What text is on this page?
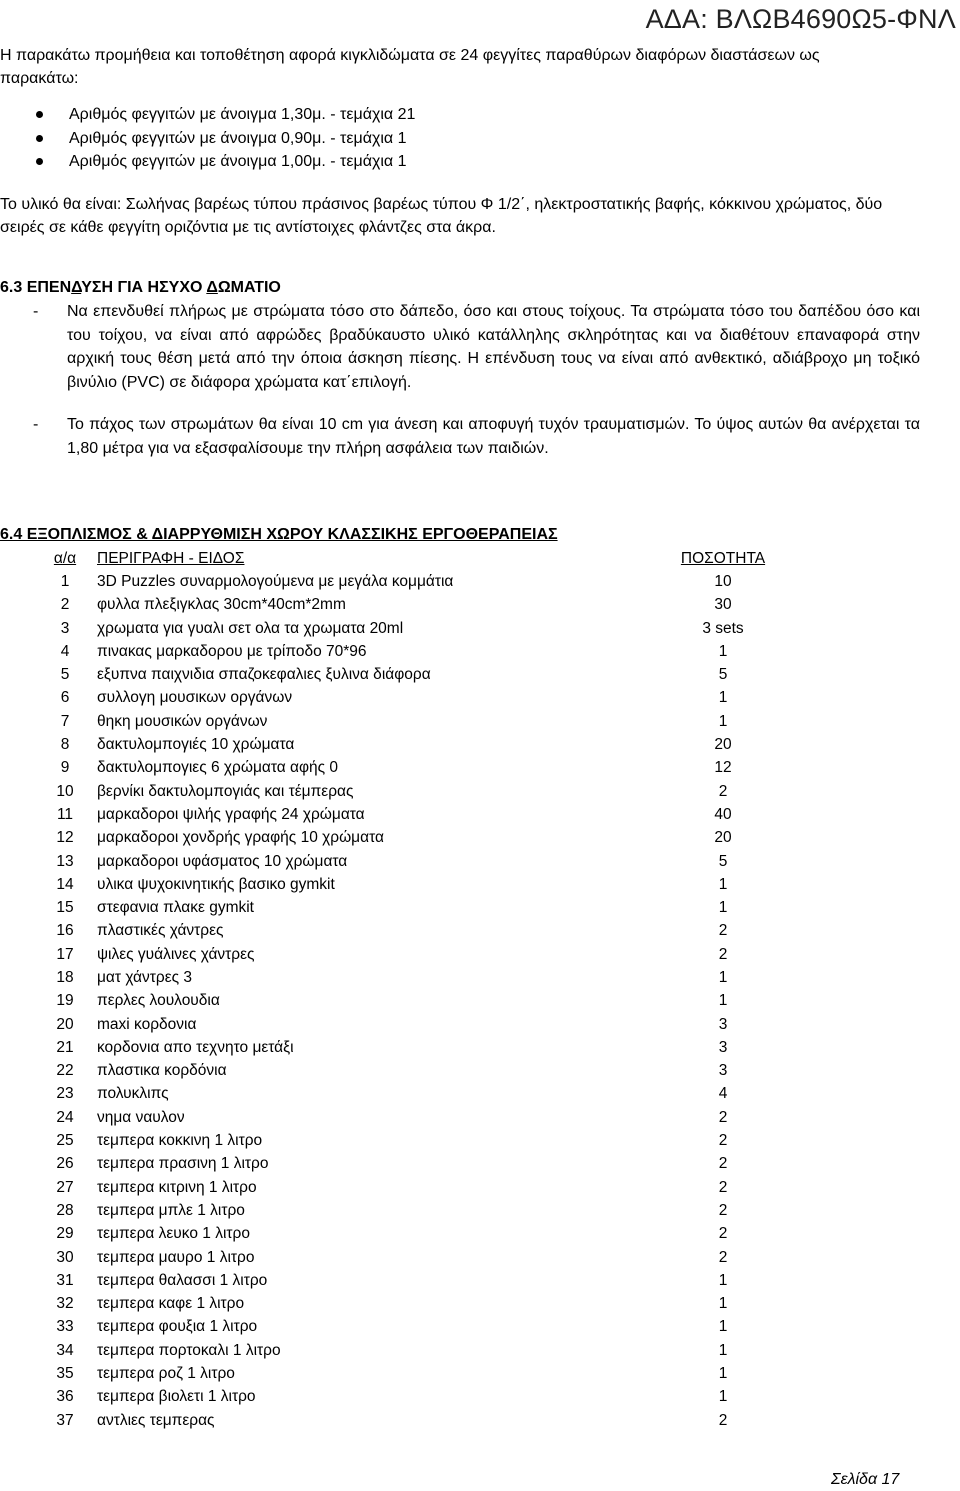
ΑΔΑ: ΒΛΩΒ4690Ω5-ΦΝΛ
Η παρακάτω προμήθεια και τοποθέτηση αφορά κιγκλιδώματα σε 24 φεγγίτες παραθύρων διαφόρων διαστάσεων ως παρακάτω:
Αριθμός φεγγιτών με άνοιγμα 1,30μ. - τεμάχια 21
Αριθμός φεγγιτών με άνοιγμα 0,90μ. - τεμάχια 1
Αριθμός φεγγιτών με άνοιγμα 1,00μ. - τεμάχια 1
Το υλικό θα είναι: Σωλήνας βαρέως τύπου πράσινος βαρέως τύπου Φ 1/2΄, ηλεκτροστατικής βαφής, κόκκινου χρώματος, δύο σειρές σε κάθε φεγγίτη οριζόντια με τις αντίστοιχες φλάντζες στα άκρα.
6.3 ΕΠΕΝΔΥΣΗ ΓΙΑ ΗΣΥΧΟ ΔΩΜΑΤΙΟ
- Να επενδυθεί πλήρως με στρώματα τόσο στο δάπεδο, όσο και στους τοίχους. Τα στρώματα τόσο του δαπέδου όσο και του τοίχου, να είναι από αφρώδες βραδύκαυστο υλικό κατάλληλης σκληρότητας και να διαθέτουν επαναφορά στην αρχική τους θέση μετά από την όποια άσκηση πίεσης. Η επένδυση τους να είναι από ανθεκτικό, αδιάβροχο μη τοξικό βινύλιο (PVC) σε διάφορα χρώματα κατ΄επιλογή.
- Το πάχος των στρωμάτων θα είναι 10 cm για άνεση και αποφυγή τυχόν τραυματισμών. Το ύψος αυτών θα ανέρχεται τα 1,80 μέτρα για να εξασφαλίσουμε την πλήρη ασφάλεια των παιδιών.
6.4 ΕΞΟΠΛΙΣΜΟΣ & ΔΙΑΡΡΥΘΜΙΣΗ ΧΩΡΟΥ ΚΛΑΣΣΙΚΗΣ ΕΡΓΟΘΕΡΑΠΕΙΑΣ
α/α	ΠΕΡΙΓΡΑΦΗ - ΕΙΔΟΣ	ΠΟΣΟΤΗΤΑ
1	3D Puzzles συναρμολογούμενα με μεγάλα κομμάτια	10
2	φυλλα πλεξιγκλας 30cm*40cm*2mm	30
3	χρωματα για γυαλι σετ ολα τα χρωματα 20ml	3 sets
4	πινακας μαρκαδορου με τρίποδο 70*96	1
5	εξυπνα παιχνιδια σπαζοκεφαλιες ξυλινα διάφορα	5
6	συλλογη μουσικων οργάνων	1
7	θηκη μουσικών οργάνων	1
8	δακτυλομπογιές 10 χρώματα	20
9	δακτυλομπογιες 6 χρώματα αφής 0	12
10	βερνίκι δακτυλομπογιάς και τέμπερας	2
11	μαρκαδοροι ψιλής γραφής 24 χρώματα	40
12	μαρκαδοροι χονδρής γραφής 10 χρώματα	20
13	μαρκαδοροι υφάσματος 10 χρώματα	5
14	υλικα ψυχοκινητικής βασικο gymkit	1
15	στεφανια πλακε gymkit	1
16	πλαστικές χάντρες	2
17	ψιλες γυάλινες χάντρες	2
18	ματ χάντρες 3	1
19	περλες λουλουδια	1
20	maxi κορδονια	3
21	κορδονια απο τεχνητο μετάξι	3
22	πλαστικα κορδόνια	3
23	πολυκλιπς	4
24	νημα ναυλον	2
25	τεμπερα κοκκινη 1 λιτρο	2
26	τεμπερα πρασινη 1 λιτρο	2
27	τεμπερα κιτρινη 1 λιτρο	2
28	τεμπερα μπλε 1 λιτρο	2
29	τεμπερα λευκο 1 λιτρο	2
30	τεμπερα μαυρο 1 λιτρο	2
31	τεμπερα θαλασσι 1 λιτρο	1
32	τεμπερα καφε 1 λιτρο	1
33	τεμπερα φουξια 1 λιτρο	1
34	τεμπερα πορτοκαλι 1 λιτρο	1
35	τεμπερα ροζ 1 λιτρο	1
36	τεμπερα βιολετι 1 λιτρο	1
37	αντλιες τεμπερας	2
Σελίδα 17
